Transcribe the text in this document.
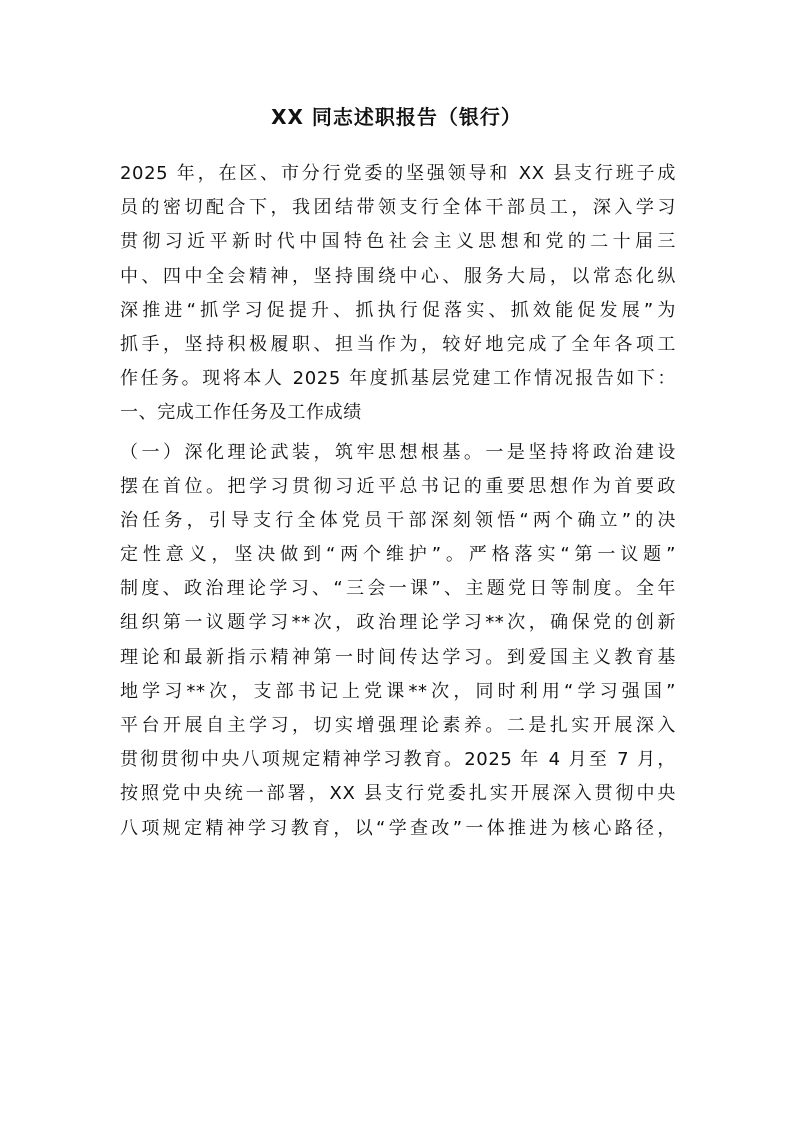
XX 同志述职报告（银行）
2025 年，在区、市分行党委的坚强领导和 XX 县支行班子成
员的密切配合下，我团结带领支行全体干部员工，深入学习
贯彻习近平新时代中国特色社会主义思想和党的二十届三
中、四中全会精神，坚持围绕中心、服务大局，以常态化纵
深推进“抓学习促提升、抓执行促落实、抓效能促发展”为
抓手，坚持积极履职、担当作为，较好地完成了全年各项工
作任务。现将本人 2025 年度抓基层党建工作情况报告如下：
一、完成工作任务及工作成绩
（一）深化理论武装，筑牢思想根基。一是坚持将政治建设
摆在首位。把学习贯彻习近平总书记的重要思想作为首要政
治任务，引导支行全体党员干部深刻领悟“两个确立”的决
定性意义，坚决做到“两个维护”。严格落实“第一议题”
制度、政治理论学习、“三会一课”、主题党日等制度。全年
组织第一议题学习**次，政治理论学习**次，确保党的创新
理论和最新指示精神第一时间传达学习。到爱国主义教育基
地学习**次，支部书记上党课**次，同时利用“学习强国”
平台开展自主学习，切实增强理论素养。二是扎实开展深入
贯彻贯彻中央八项规定精神学习教育。2025 年 4 月至 7 月，
按照党中央统一部署，XX 县支行党委扎实开展深入贯彻中央
八项规定精神学习教育，以“学查改”一体推进为核心路径，
